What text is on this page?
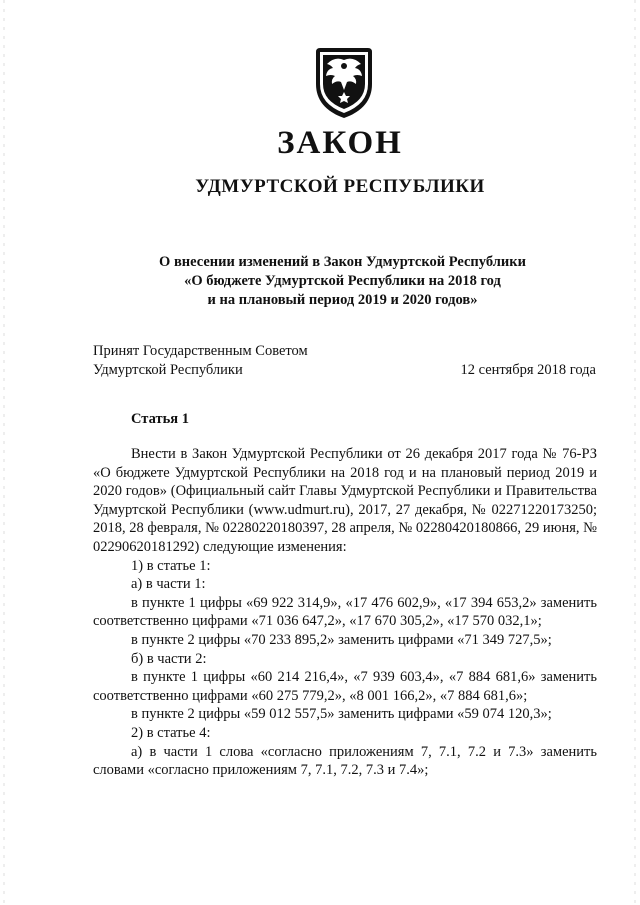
ЗАКОН
УДМУРТСКОЙ РЕСПУБЛИКИ
О внесении изменений в Закон Удмуртской Республики
«О бюджете Удмуртской Республики на 2018 год
и на плановый период 2019 и 2020 годов»
Принят Государственным Советом
Удмуртской Республики	12 сентября 2018 года
Статья 1

Внести в Закон Удмуртской Республики от 26 декабря 2017 года № 76-РЗ «О бюджете Удмуртской Республики на 2018 год и на плановый период 2019 и 2020 годов» (Официальный сайт Главы Удмуртской Республики и Правительства Удмуртской Республики (www.udmurt.ru), 2017, 27 декабря, № 02271220173250; 2018, 28 февраля, № 02280220180397, 28 апреля, № 02280420180866, 29 июня, № 02290620181292) следующие изменения:

1) в статье 1:

а) в части 1:

в пункте 1 цифры «69 922 314,9», «17 476 602,9», «17 394 653,2» заменить соответственно цифрами «71 036 647,2», «17 670 305,2», «17 570 032,1»;

в пункте 2 цифры «70 233 895,2» заменить цифрами «71 349 727,5»;

б) в части 2:

в пункте 1 цифры «60 214 216,4», «7 939 603,4», «7 884 681,6» заменить соответственно цифрами «60 275 779,2», «8 001 166,2», «7 884 681,6»;

в пункте 2 цифры «59 012 557,5» заменить цифрами «59 074 120,3»;

2) в статье 4:

а) в части 1 слова «согласно приложениям 7, 7.1, 7.2 и 7.3» заменить словами «согласно приложениям 7, 7.1, 7.2, 7.3 и 7.4»;
